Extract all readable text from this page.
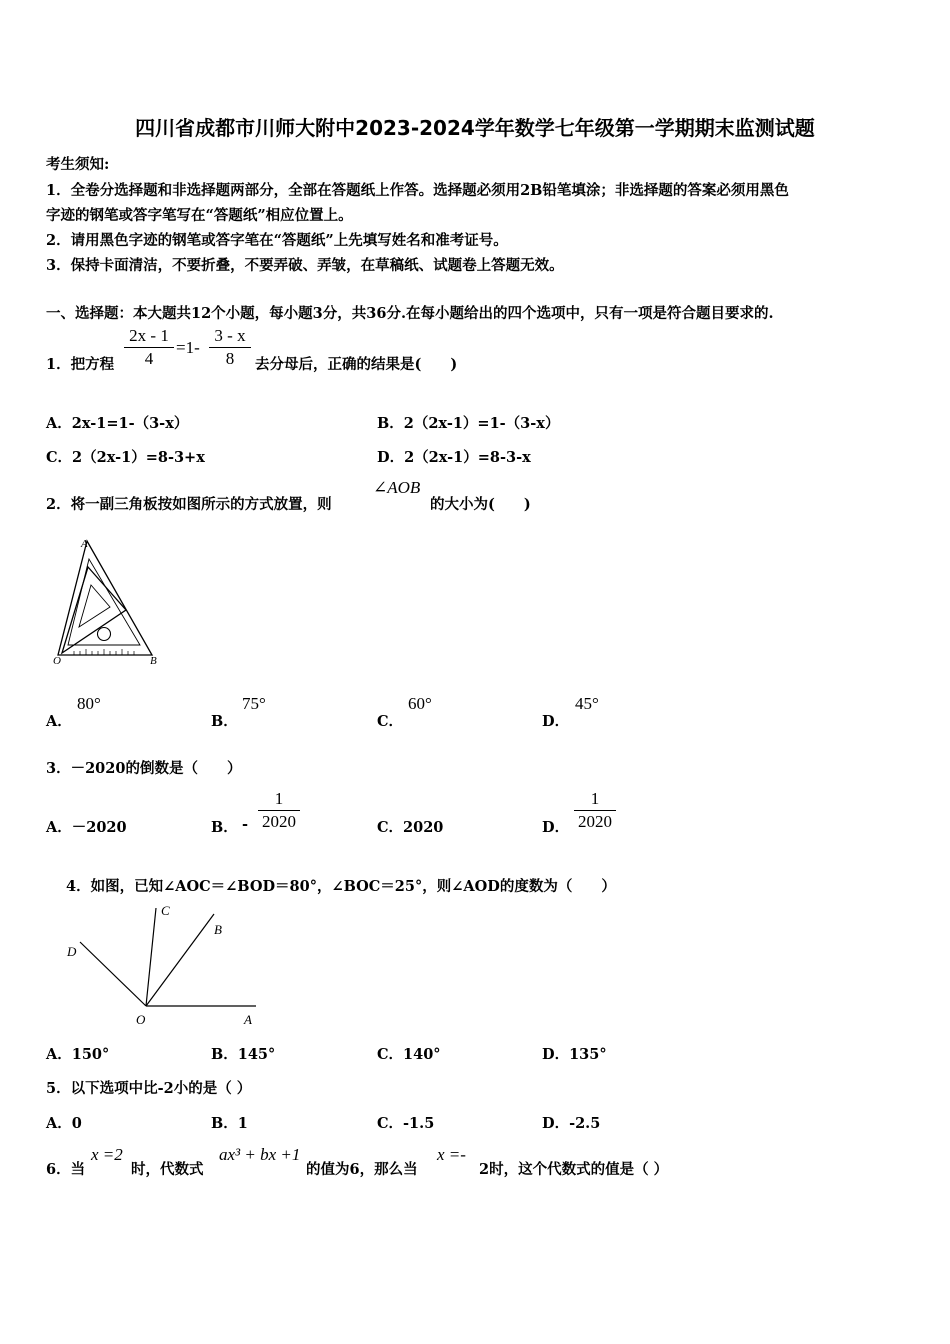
四川省成都市川师大附中2023-2024学年数学七年级第一学期期末监测试题
考生须知:
1．全卷分选择题和非选择题两部分，全部在答题纸上作答。选择题必须用2B铅笔填涂；非选择题的答案必须用黑色
字迹的钢笔或答字笔写在“答题纸”相应位置上。
2．请用黑色字迹的钢笔或答字笔在“答题纸”上先填写姓名和准考证号。
3．保持卡面清洁，不要折叠，不要弄破、弄皱，在草稿纸、试题卷上答题无效。
一、选择题：本大题共12个小题，每小题3分，共36分.在每小题给出的四个选项中，只有一项是符合题目要求的.
1．把方程
2x - 1
4
=1-
3 - x
8	去分母后，正确的结果是(　　)
A．2x-1=1-（3-x）	B．2（2x-1）=1-（3-x）
C．2（2x-1）=8-3+x	D．2（2x-1）=8-3-x
2．将一副三角板按如图所示的方式放置，则
∠AOB
的大小为(　　)
A
O	B
A．
80°
B．
75°
C．
60°
D．
45°
3．－2020的倒数是（　　）
A．－2020	B． -
1
2020	C．2020	D．
1
2020
4．如图，已知∠AOC＝∠BOD＝80°，∠BOC＝25°，则∠AOD的度数为（　　）
C
B
D
O	A
A．150°	B．145°	C．140°	D．135°
5．以下选项中比-2小的是（ ）
A．0	B．1	C．-1.5	D．-2.5
6．当
x =2
时，代数式
ax³ + bx +1
的值为6，那么当
x =-
2时，这个代数式的值是（ ）
